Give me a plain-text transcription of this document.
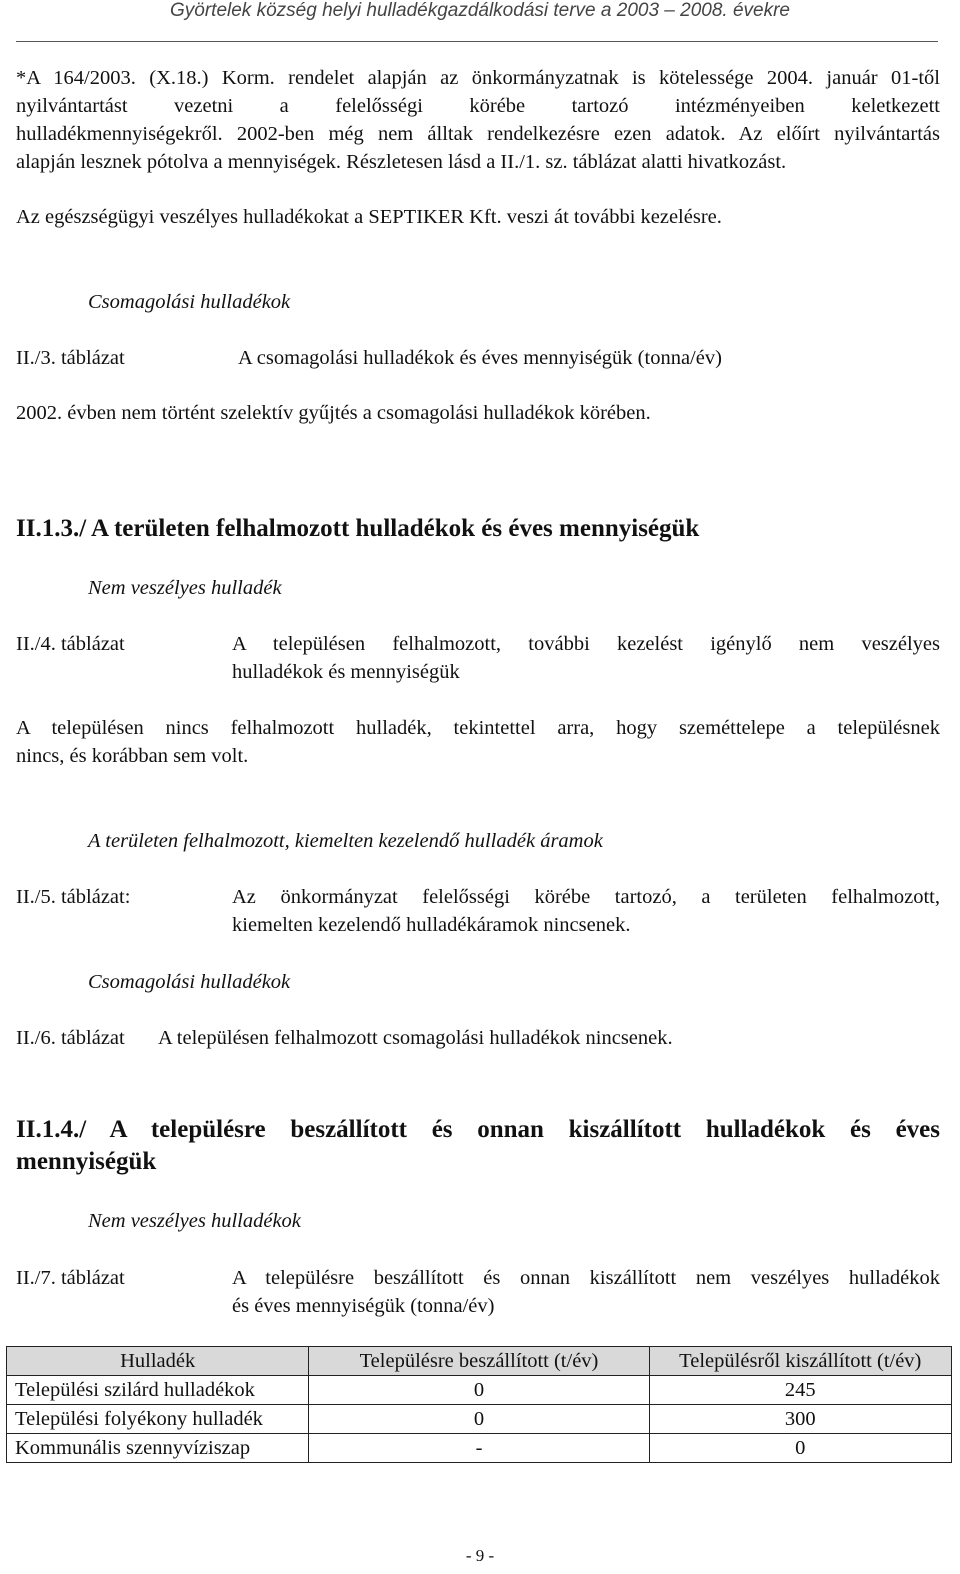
Györtelek község helyi hulladékgazdálkodási terve a 2003 – 2008. évekre
*A 164/2003. (X.18.) Korm. rendelet alapján az önkormányzatnak is kötelessége 2004. január 01-től
nyilvántartást vezetni a felelősségi körébe tartozó intézményeiben keletkezett
hulladékmennyiségekről. 2002-ben még nem álltak rendelkezésre ezen adatok. Az előírt nyilvántartás
alapján lesznek pótolva a mennyiségek. Részletesen lásd a II./1. sz. táblázat alatti hivatkozást.
Az egészségügyi veszélyes hulladékokat a SEPTIKER Kft. veszi át további kezelésre.
Csomagolási hulladékok
II./3. táblázat	A csomagolási hulladékok és éves mennyiségük (tonna/év)
2002. évben nem történt szelektív gyűjtés a csomagolási hulladékok körében.
II.1.3./ A területen felhalmozott hulladékok és éves mennyiségük
Nem veszélyes hulladék
II./4. táblázat	A településen felhalmozott, további kezelést igénylő nem veszélyes
hulladékok és mennyiségük
A településen nincs felhalmozott hulladék, tekintettel arra, hogy szeméttelepe a településnek
nincs, és korábban sem volt.
A területen felhalmozott, kiemelten kezelendő hulladék áramok
II./5. táblázat:	Az önkormányzat felelősségi körébe tartozó, a területen felhalmozott,
kiemelten kezelendő hulladékáramok nincsenek.
Csomagolási hulladékok
II./6. táblázat	A településen felhalmozott csomagolási hulladékok nincsenek.
II.1.4./ A településre beszállított és onnan kiszállított hulladékok és éves
mennyiségük
Nem veszélyes hulladékok
II./7. táblázat	A településre beszállított és onnan kiszállított nem veszélyes hulladékok
és éves mennyiségük (tonna/év)
Hulladék	Településre beszállított (t/év)	Településről kiszállított (t/év)
Települési szilárd hulladékok	0	245
Települési folyékony hulladék	0	300
Kommunális szennyvíziszap	-	0
- 9 -
